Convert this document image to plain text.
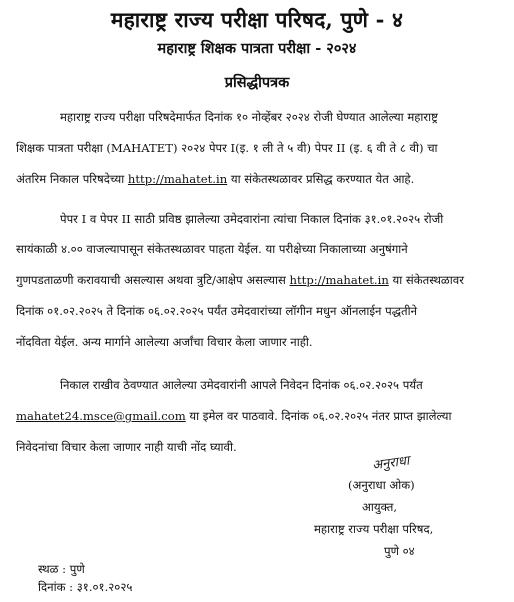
महाराष्ट्र राज्य परीक्षा परिषद, पुणे - ४
महाराष्ट्र शिक्षक पात्रता परीक्षा - २०२४
प्रसिद्धीपत्रक
महाराष्ट्र राज्य परीक्षा परिषदेमार्फत दिनांक १० नोव्हेंबर २०२४ रोजी घेण्यात आलेल्या महाराष्ट्र
शिक्षक पात्रता परीक्षा (MAHATET) २०२४ पेपर I(इ. १ ली ते ५ वी) पेपर II (इ. ६ वी ते ८ वी) चा
अंतरिम निकाल परिषदेच्या http://mahatet.in या संकेतस्थळावर प्रसिद्ध करण्यात येत आहे.
पेपर I व पेपर II साठी प्रविष्ठ झालेल्या उमेदवारांना त्यांचा निकाल दिनांक ३१.०१.२०२५ रोजी
सायंकाळी ४.०० वाजल्यापासून संकेतस्थळावर पाहता येईल. या परीक्षेच्या निकालाच्या अनुषंगाने
गुणपडताळणी करावयाची असल्यास अथवा त्रुटि/आक्षेप असल्यास http://mahatet.in या संकेतस्थळावर
दिनांक ०१.०२.२०२५ ते दिनांक ०६.०२.२०२५ पर्यंत उमेदवारांच्या लॉगीन मधुन ऑनलाईन पद्धतीने
नोंदविता येईल. अन्य मार्गाने आलेल्या अर्जांचा विचार केला जाणार नाही.
निकाल राखीव ठेवण्यात आलेल्या उमेदवारांनी आपले निवेदन दिनांक ०६.०२.२०२५ पर्यंत
mahatet24.msce@gmail.com या इमेल वर पाठवावे. दिनांक ०६.०२.२०२५ नंतर प्राप्त झालेल्या
निवेदनांचा विचार केला जाणार नाही याची नोंद घ्यावी.
अनुराधा
(अनुराधा ओक)
आयुक्त,
महाराष्ट्र राज्य परीक्षा परिषद,
पुणे ०४
स्थळ : पुणे
दिनांक : ३१.०१.२०२५
